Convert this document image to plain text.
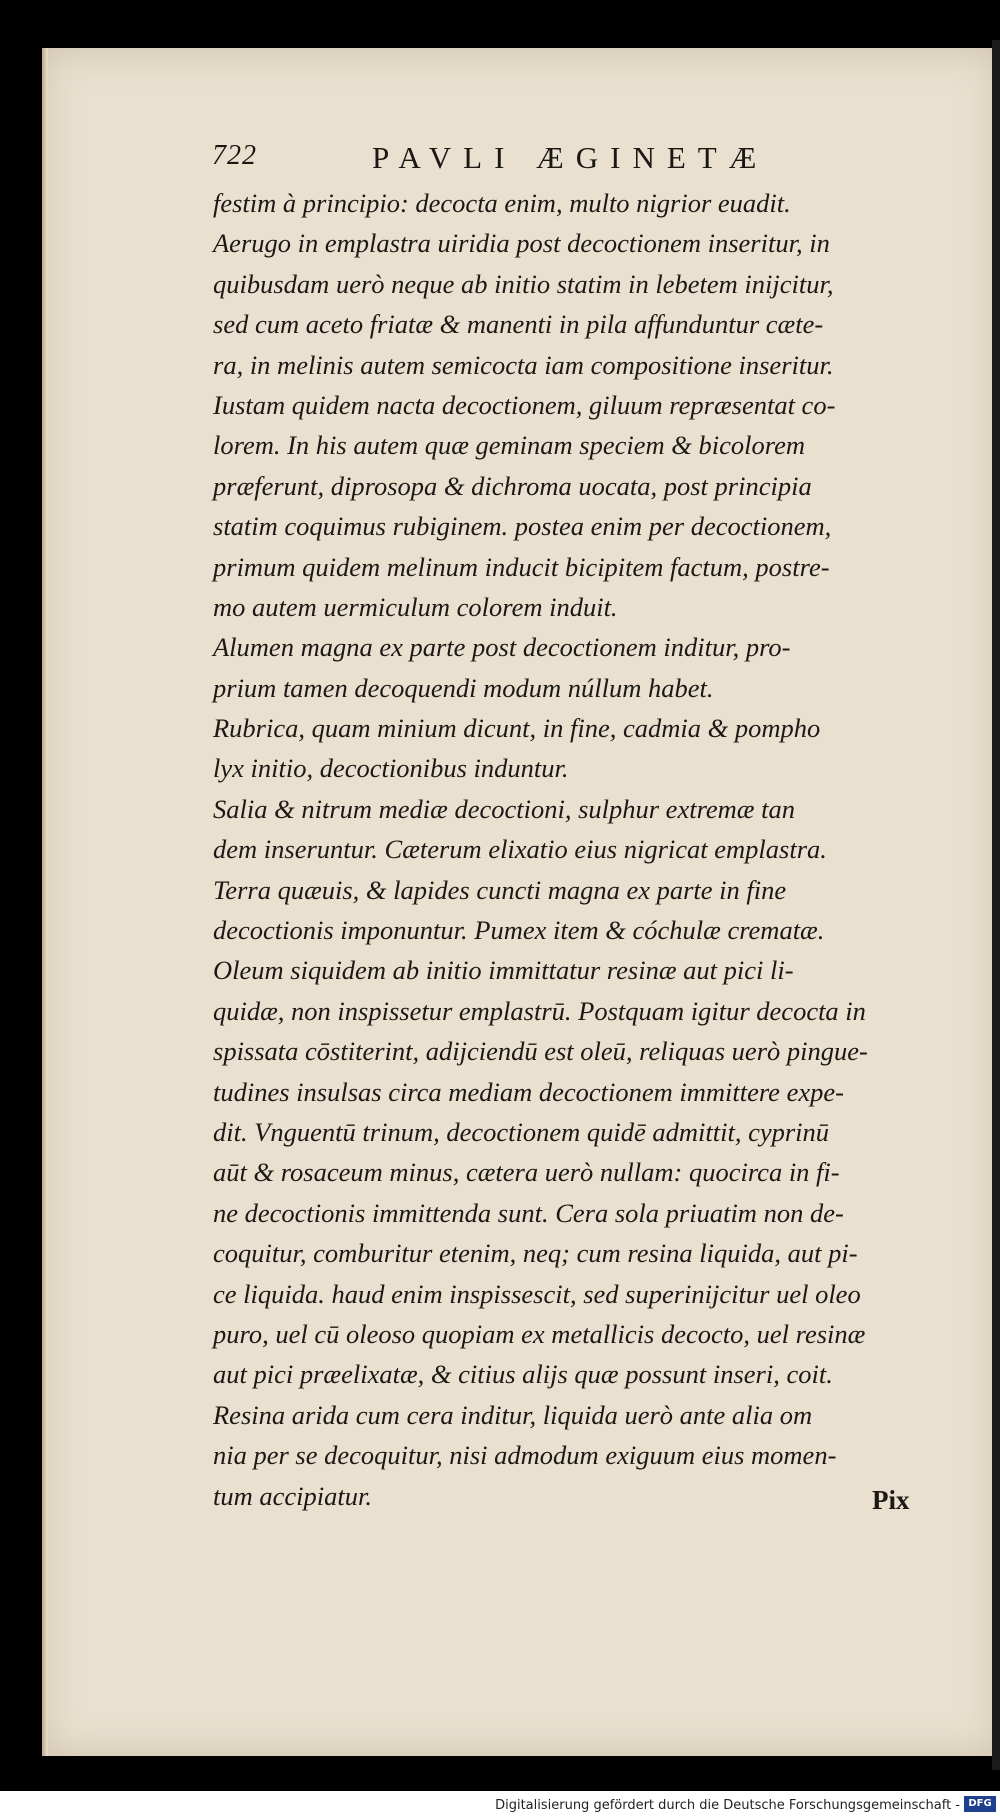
722	PAVLI ÆGINETÆ
festim à principio: decocta enim, multo nigrior euadit.
Aerugo in emplastra uiridia post decoctionem inseritur, in
quibusdam uerò neque ab initio statim in lebetem inijcitur,
sed cum aceto friatæ & manenti in pila affunduntur cæte-
ra, in melinis autem semicocta iam compositione inseritur.
Iustam quidem nacta decoctionem, giluum repræsentat co-
lorem. In his autem quæ geminam speciem & bicolorem
præferunt, diprosopa & dichroma uocata, post principia
statim coquimus rubiginem. postea enim per decoctionem,
primum quidem melinum inducit bicipitem factum, postre-
mo autem uermiculum colorem induit.
Alumen magna ex parte post decoctionem inditur, pro-
prium tamen decoquendi modum núllum habet.
Rubrica, quam minium dicunt, in fine, cadmia & pompho
lyx initio, decoctionibus induntur.
Salia & nitrum mediæ decoctioni, sulphur extremæ tan
dem inseruntur. Cæterum elixatio eius nigricat emplastra.
Terra quæuis, & lapides cuncti magna ex parte in fine
decoctionis imponuntur. Pumex item & cóchulæ crematæ.
Oleum siquidem ab initio immittatur resinæ aut pici li-
quidæ, non inspissetur emplastrū. Postquam igitur decocta in
spissata cōstiterint, adijciendū est oleū, reliquas uerò pingue-
tudines insulsas circa mediam decoctionem immittere expe-
dit. Vnguentū trinum, decoctionem quidē admittit, cyprinū
aūt & rosaceum minus, cætera uerò nullam: quocirca in fi-
ne decoctionis immittenda sunt. Cera sola priuatim non de-
coquitur, comburitur etenim, neq; cum resina liquida, aut pi-
ce liquida. haud enim inspissescit, sed superinijcitur uel oleo
puro, uel cū oleoso quopiam ex metallicis decocto, uel resinæ
aut pici præelixatæ, & citius alijs quæ possunt inseri, coit.
Resina arida cum cera inditur, liquida uerò ante alia om
nia per se decoquitur, nisi admodum exiguum eius momen-
tum accipiatur.	Pix
Digitalisierung gefördert durch die Deutsche Forschungsgemeinschaft - DFG
